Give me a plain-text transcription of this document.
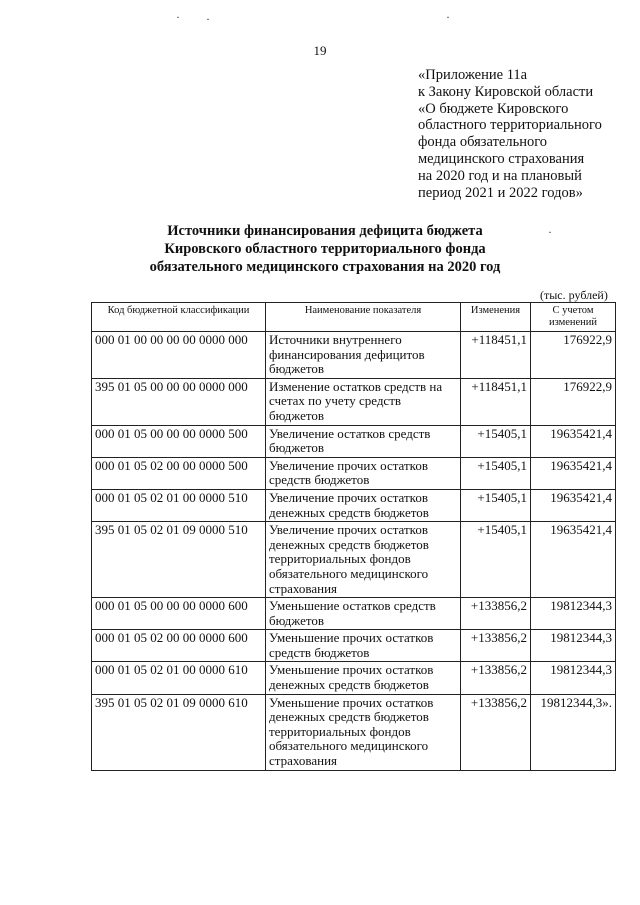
19
«Приложение 11а
к Закону Кировской области
«О бюджете Кировского
областного территориального
фонда обязательного
медицинского страхования
на 2020 год и на плановый
период 2021 и 2022 годов»
Источники финансирования дефицита бюджета
Кировского областного территориального фонда
обязательного медицинского страхования на 2020 год
(тыс. рублей)
Код бюджетной классификации	Наименование показателя	Изменения	С учетом изменений
000 01 00 00 00 00 0000 000	Источники внутреннего финансирования дефицитов бюджетов	+118451,1	176922,9
395 01 05 00 00 00 0000 000	Изменение остатков средств на счетах по учету средств бюджетов	+118451,1	176922,9
000 01 05 00 00 00 0000 500	Увеличение остатков средств бюджетов	+15405,1	19635421,4
000 01 05 02 00 00 0000 500	Увеличение прочих остатков средств бюджетов	+15405,1	19635421,4
000 01 05 02 01 00 0000 510	Увеличение прочих остатков денежных средств бюджетов	+15405,1	19635421,4
395 01 05 02 01 09 0000 510	Увеличение прочих остатков денежных средств бюджетов территориальных фондов обязательного медицинского страхования	+15405,1	19635421,4
000 01 05 00 00 00 0000 600	Уменьшение остатков средств бюджетов	+133856,2	19812344,3
000 01 05 02 00 00 0000 600	Уменьшение прочих остатков средств бюджетов	+133856,2	19812344,3
000 01 05 02 01 00 0000 610	Уменьшение прочих остатков денежных средств бюджетов	+133856,2	19812344,3
395 01 05 02 01 09 0000 610	Уменьшение прочих остатков денежных средств бюджетов территориальных фондов обязательного медицинского страхования	+133856,2	19812344,3».
· ·	·
·
